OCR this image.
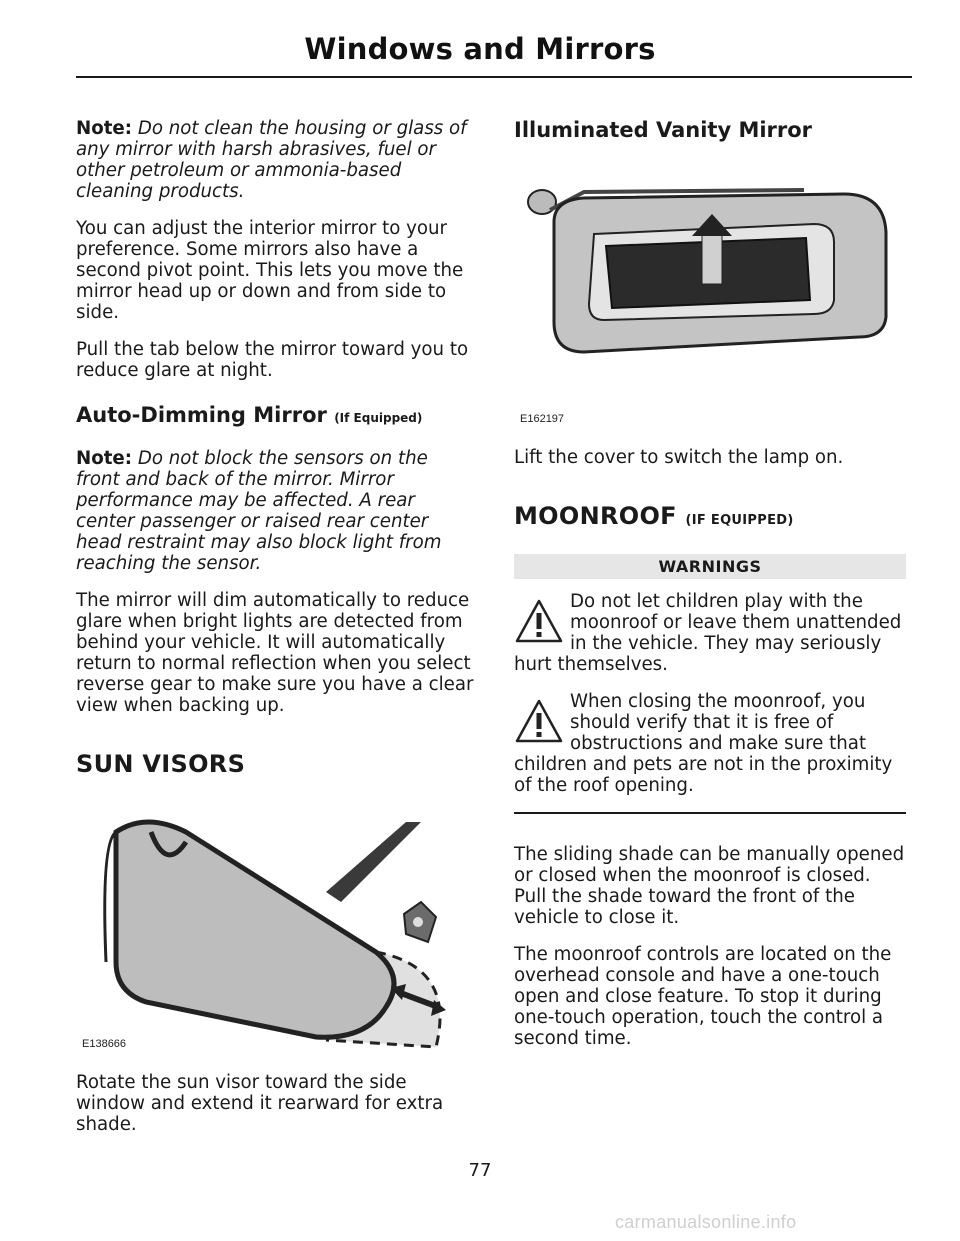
Windows and Mirrors

Note: Do not clean the housing or glass of any mirror with harsh abrasives, fuel or other petroleum or ammonia-based cleaning products.

You can adjust the interior mirror to your preference. Some mirrors also have a second pivot point. This lets you move the mirror head up or down and from side to side.

Pull the tab below the mirror toward you to reduce glare at night.

Auto-Dimming Mirror (If Equipped)

Note: Do not block the sensors on the front and back of the mirror. Mirror performance may be affected. A rear center passenger or raised rear center head restraint may also block light from reaching the sensor.

The mirror will dim automatically to reduce glare when bright lights are detected from behind your vehicle. It will automatically return to normal reflection when you select reverse gear to make sure you have a clear view when backing up.

SUN VISORS
E138666

Rotate the sun visor toward the side window and extend it rearward for extra shade.

Illuminated Vanity Mirror
E162197

Lift the cover to switch the lamp on.

MOONROOF (IF EQUIPPED)
WARNINGS
Do not let children play with the moonroof or leave them unattended in the vehicle. They may seriously hurt themselves.
When closing the moonroof, you should verify that it is free of obstructions and make sure that children and pets are not in the proximity of the roof opening.

The sliding shade can be manually opened or closed when the moonroof is closed. Pull the shade toward the front of the vehicle to close it.

The moonroof controls are located on the overhead console and have a one-touch open and close feature. To stop it during one-touch operation, touch the control a second time.

77
carmanualsonline.info
